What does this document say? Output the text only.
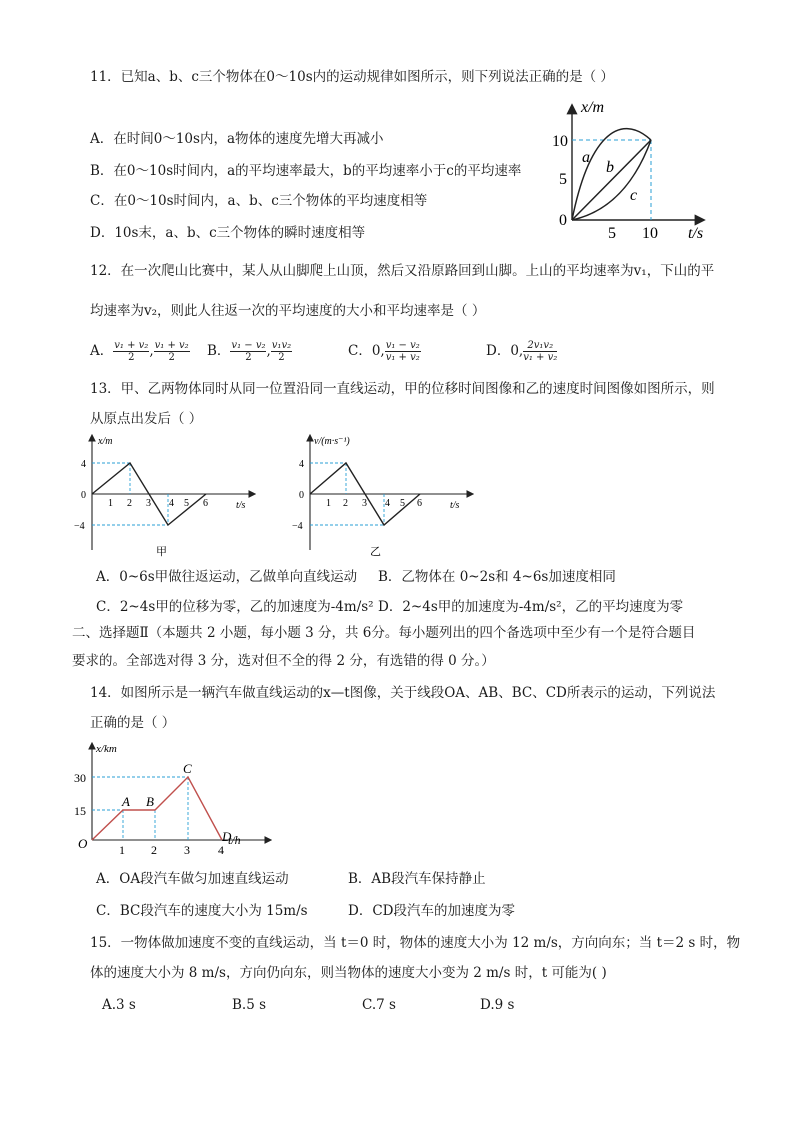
11．已知a、b、c三个物体在0～10s内的运动规律如图所示，则下列说法正确的是（ ）
A．在时间0～10s内，a物体的速度先增大再减小
B．在0～10s时间内，a的平均速率最大，b的平均速率小于c的平均速率
C．在0～10s时间内，a、b、c三个物体的平均速度相等
D．10s末，a、b、c三个物体的瞬时速度相等
x/m
t/s
10
5
0
5 10
a
b
c
12．在一次爬山比赛中，某人从山脚爬上山顶，然后又沿原路回到山脚。上山的平均速率为v₁，下山的平
均速率为v₂，则此人往返一次的平均速度的大小和平均速率是（ ）
A． $\frac{\text{v₁ + v₂}}{2}$ , $\frac{\text{v₁ + v₂}}{2}$ B． $\frac{\text{v₁ − v₂}}{2}$ , $\frac{\text{v₁v₂}}{2}$	C．0, $\frac{\text{v₁ − v₂}}{\text{v₁ + v₂}}$	D．0, $\frac{\text{2v₁v₂}}{\text{v₁ + v₂}}$
13．甲、乙两物体同时从同一位置沿同一直线运动，甲的位移时间图像和乙的速度时间图像如图所示，则
从原点出发后（ ）
x/m
t/s
4
0
−4
1 2 3 4 5 6
甲
v/(m·s⁻¹)
t/s
4
0
−4
1 2 3 4 5 6
乙
A．0~6s甲做往返运动，乙做单向直线运动 B．乙物体在 0~2s和 4~6s加速度相同
C．2~4s甲的位移为零，乙的加速度为-4m/s² D．2~4s甲的加速度为-4m/s²，乙的平均速度为零
二、选择题Ⅱ（本题共 2 小题，每小题 3 分，共 6分。每小题列出的四个备选项中至少有一个是符合题目
要求的。全部选对得 3 分，选对但不全的得 2 分，有选错的得 0 分。）
14．如图所示是一辆汽车做直线运动的x—t图像，关于线段OA、AB、BC、CD所表示的运动，下列说法
正确的是（ ）
x/km
t/h
O
30
15
1 2 3 4
A B
C
D
A．OA段汽车做匀加速直线运动	B．AB段汽车保持静止
C．BC段汽车的速度大小为 15m/s	D．CD段汽车的加速度为零
15．一物体做加速度不变的直线运动，当 t＝0 时，物体的速度大小为 12 m/s，方向向东；当 t＝2 s 时，物
体的速度大小为 8 m/s，方向仍向东，则当物体的速度大小变为 2 m/s 时，t 可能为( )
A.3 s	B.5 s	C.7 s	D.9 s
